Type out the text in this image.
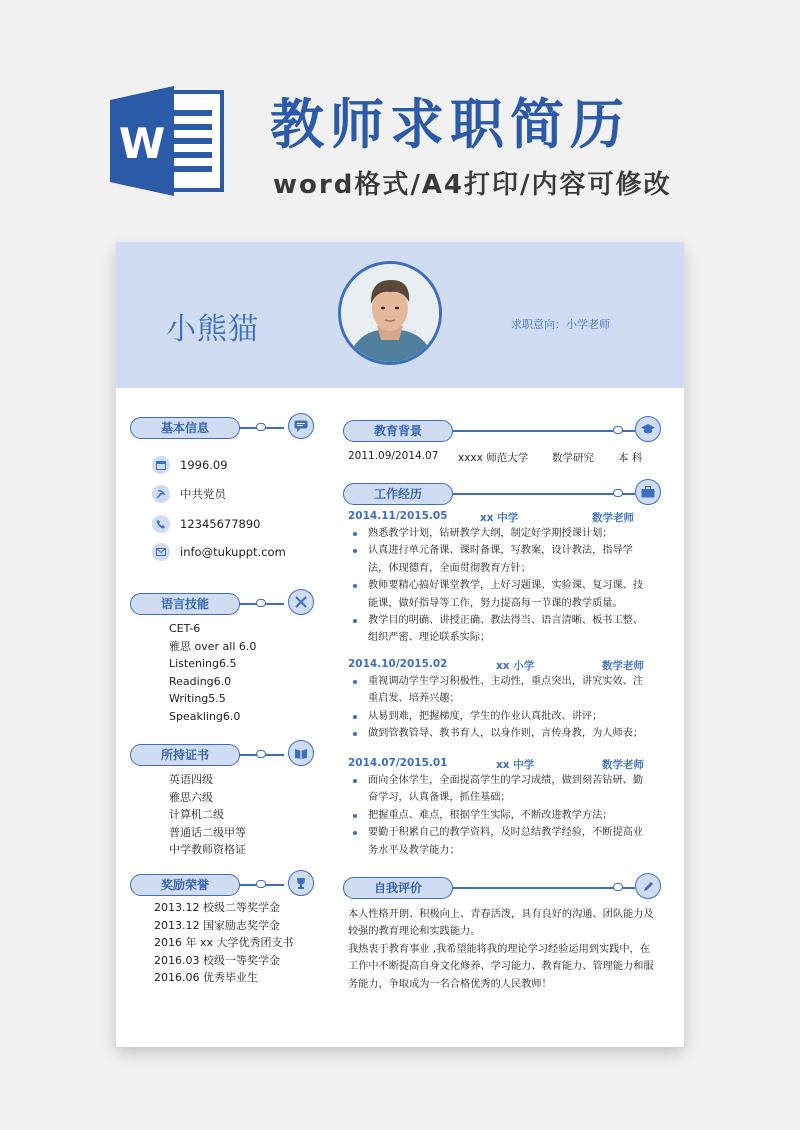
W 教师求职简历
word格式/A4打印/内容可修改
小熊猫	求职意向：小学老师
基本信息
1996.09
中共党员
12345677890
info@tukuppt.com
语言技能
CET-6
雅思 over all 6.0
Listening6.5
Reading6.0
Writing5.5
Speakling6.0
所持证书
英语四级
雅思六级
计算机二级
普通话二级甲等
中学教师资格证
奖励荣誉
2013.12 校级二等奖学金
2013.12 国家励志奖学金
2016 年 xx 大学优秀团支书
2016.03 校级一等奖学金
2016.06 优秀毕业生
教育背景
2011.09/2014.07 xxxx 师范大学 数学研究 本 科
工作经历
2014.11/2015.05	xx 中学	数学老师
熟悉教学计划，钻研教学大纲，制定好学期授课计划；
认真进行单元备课、课时备课，写教案，设计教法，指导学法，体现德育，全面贯彻教育方针；
教师要精心搞好课堂教学，上好习题课、实验课、复习课、技能课，做好指导等工作，努力提高每一节课的教学质量。
教学目的明确、讲授正确、教法得当、语言清晰、板书工整、组织严密、理论联系实际；
2014.10/2015.02	xx 小学	数学老师
重视调动学生学习积极性、主动性，重点突出，讲究实效、注重启发、培养兴趣；
从易到难，把握梯度，学生的作业认真批改、讲评；
做到管教管导、教书育人，以身作则，言传身教，为人师表；
2014.07/2015.01	xx 中学	数学老师
面向全体学生，全面提高学生的学习成绩，做到刻苦钻研、勤奋学习，认真备课，抓住基础；
把握重点、难点，根据学生实际，不断改进教学方法；
要勤于积累自己的教学资料，及时总结教学经验，不断提高业务水平及教学能力；
自我评价
本人性格开朗、积极向上、青春活泼，具有良好的沟通、团队能力及较强的教育理论和实践能力。
我热衷于教育事业 ,我希望能将我的理论学习经验运用到实践中，在工作中不断提高自身文化修养、学习能力、教育能力、管理能力和服务能力，争取成为一名合格优秀的人民教师！
